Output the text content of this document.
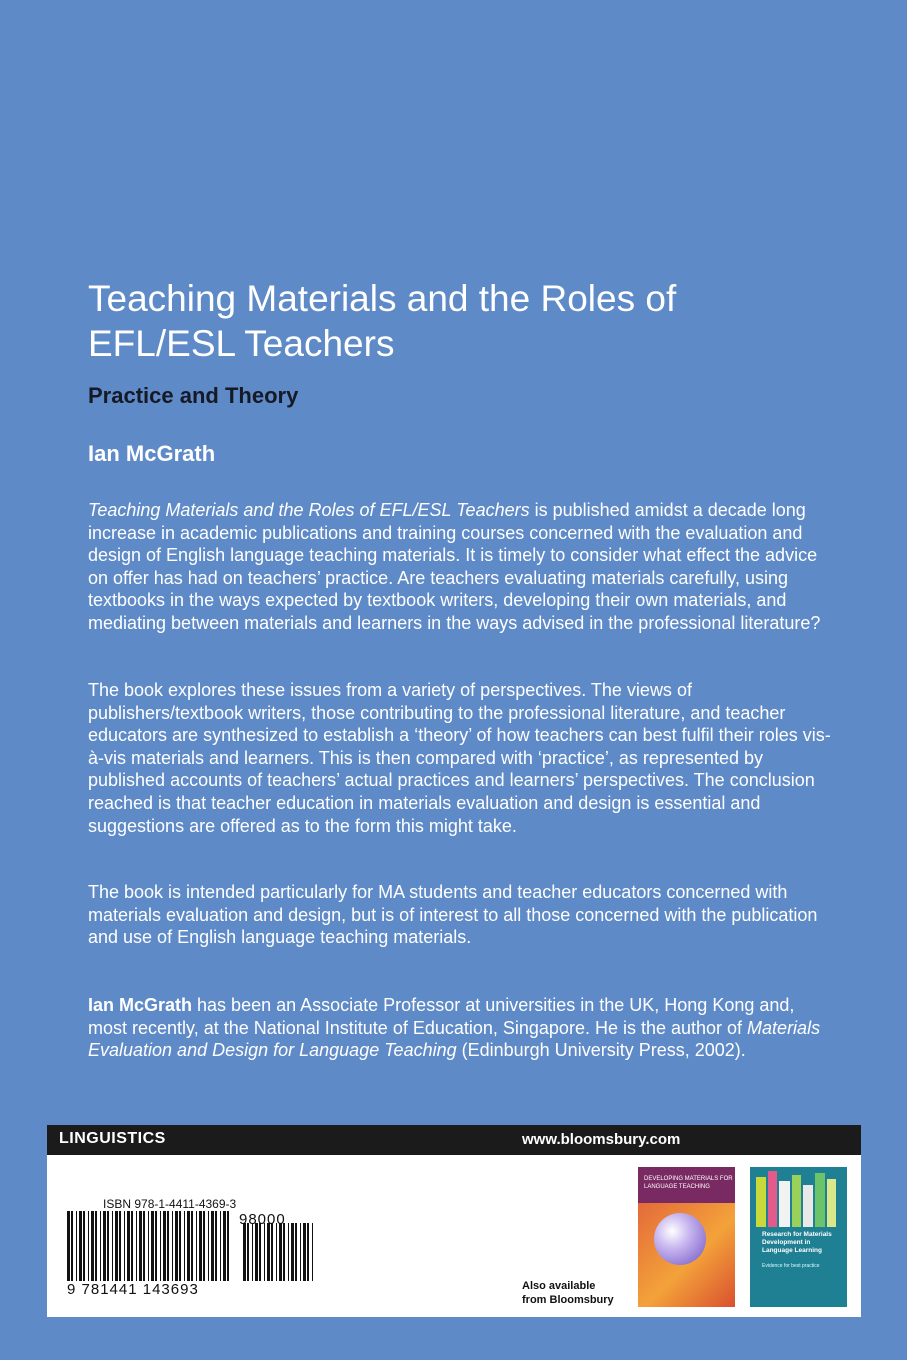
Teaching Materials and the Roles of EFL/ESL Teachers
Practice and Theory
Ian McGrath

Teaching Materials and the Roles of EFL/ESL Teachers is published amidst a decade long increase in academic publications and training courses concerned with the evaluation and design of English language teaching materials. It is timely to consider what effect the advice on offer has had on teachers’ practice. Are teachers evaluating materials carefully, using textbooks in the ways expected by textbook writers, developing their own materials, and mediating between materials and learners in the ways advised in the professional literature?

The book explores these issues from a variety of perspectives. The views of publishers/textbook writers, those contributing to the professional literature, and teacher educators are synthesized to establish a ‘theory’ of how teachers can best fulfil their roles vis-à-vis materials and learners. This is then compared with ‘practice’, as represented by published accounts of teachers’ actual practices and learners’ perspectives. The conclusion reached is that teacher education in materials evaluation and design is essential and suggestions are offered as to the form this might take.

The book is intended particularly for MA students and teacher educators concerned with materials evaluation and design, but is of interest to all those concerned with the publication and use of English language teaching materials.

Ian McGrath has been an Associate Professor at universities in the UK, Hong Kong and, most recently, at the National Institute of Education, Singapore. He is the author of Materials Evaluation and Design for Language Teaching (Edinburgh University Press, 2002).

LINGUISTICS	www.bloomsbury.com
ISBN 978-1-4411-4369-3
98000
9 781441 143693	Also available from Bloomsbury
DEVELOPING MATERIALS FOR LANGUAGE TEACHING
Research for Materials Development in Language Learning
Evidence for best practice
